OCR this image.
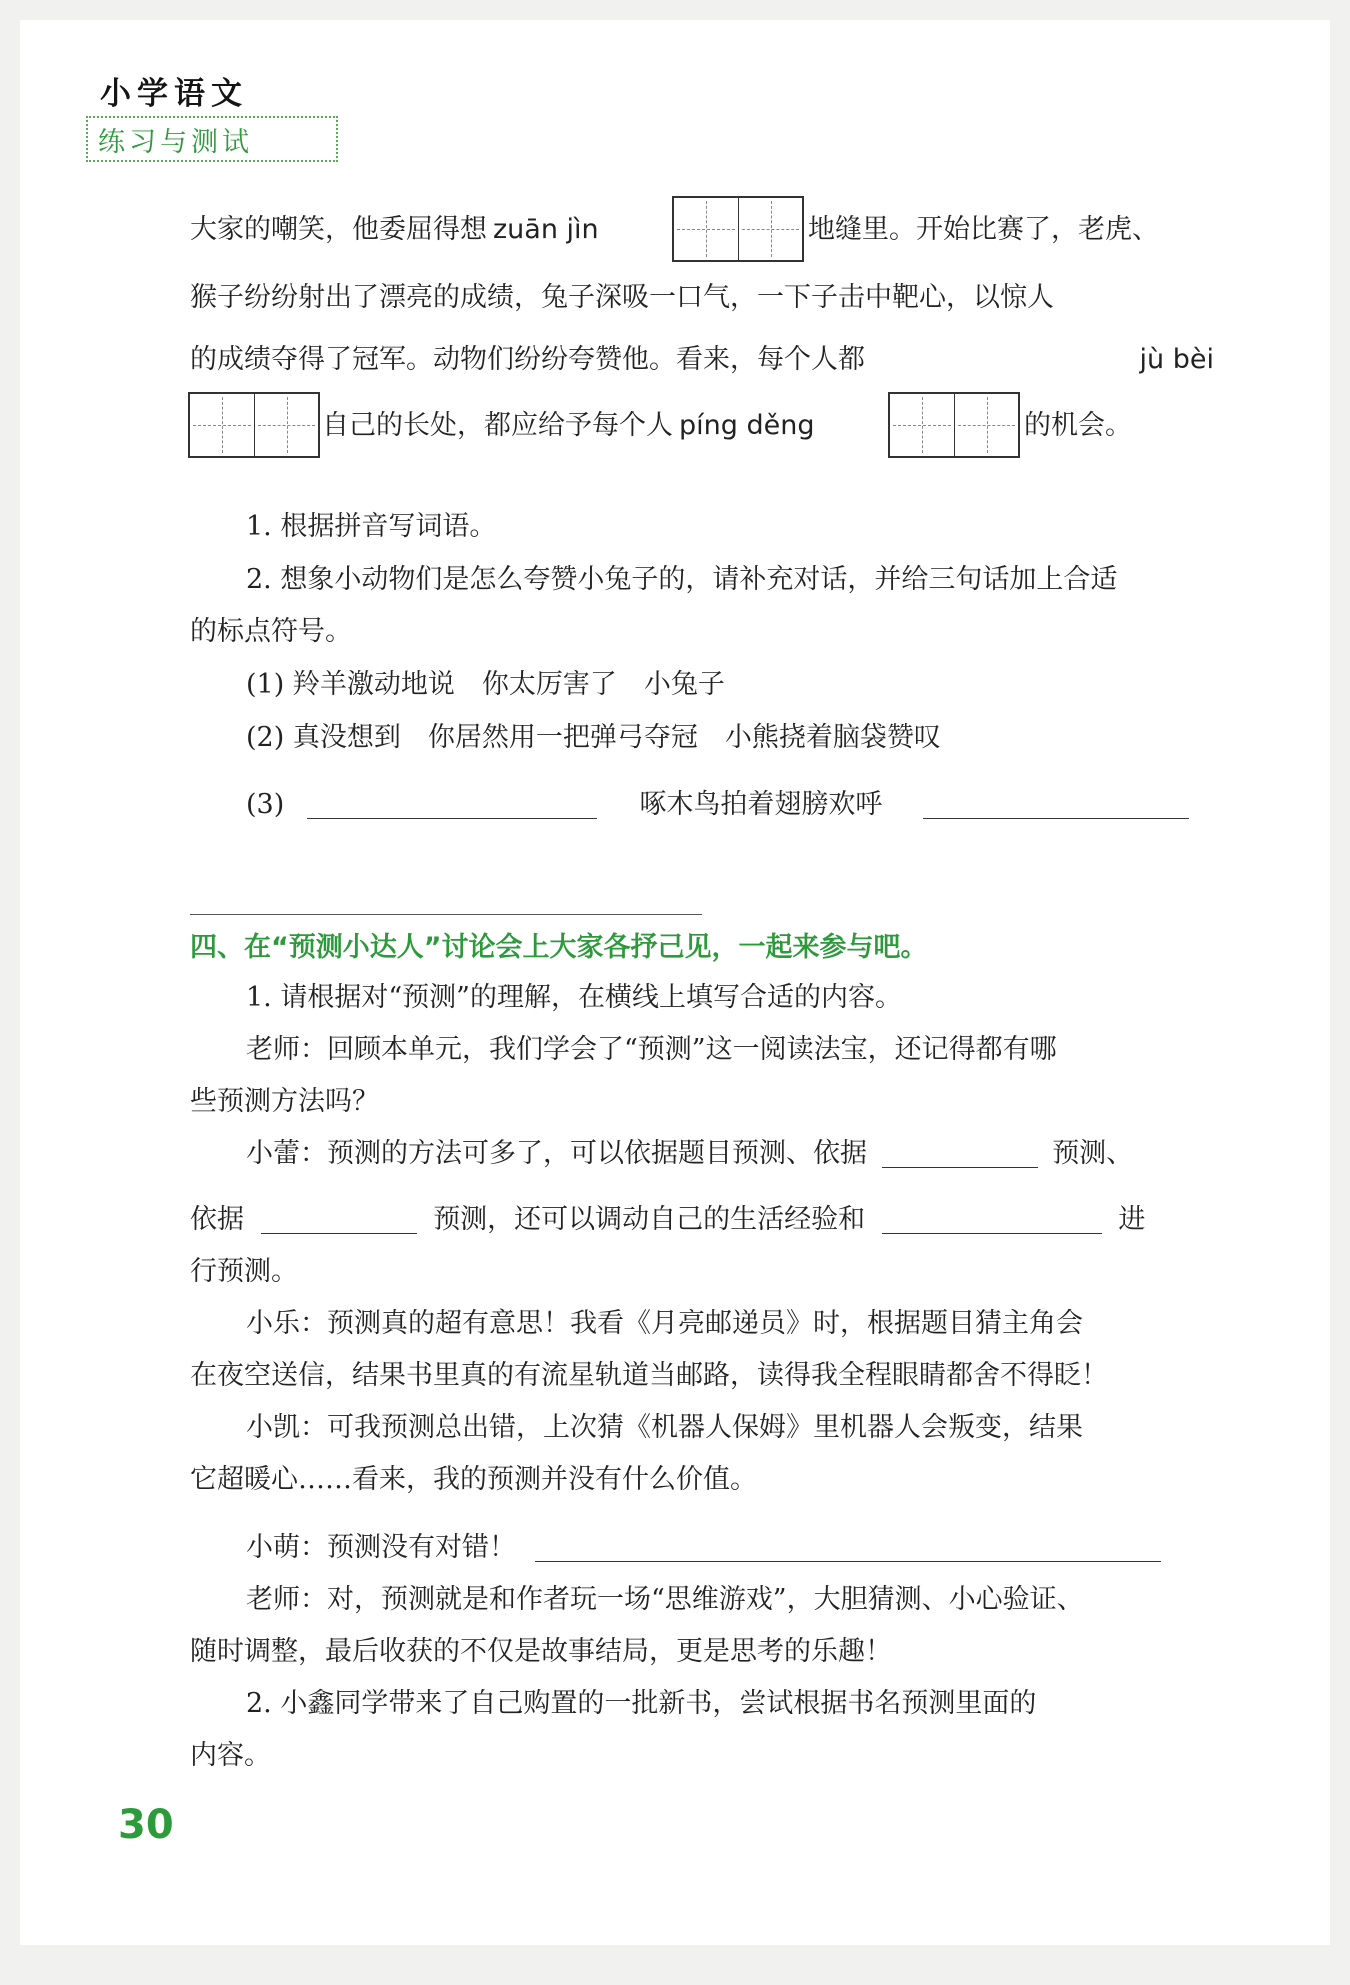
小学语文
练习与测试
大家的嘲笑，他委屈得想 zuān jìn	地缝里。开始比赛了，老虎、
猴子纷纷射出了漂亮的成绩，兔子深吸一口气，一下子击中靶心，以惊人
的成绩夺得了冠军。动物们纷纷夸赞他。看来，每个人都	jù bèi
自己的长处，都应给予每个人 píng děng	的机会。
1. 根据拼音写词语。
2. 想象小动物们是怎么夸赞小兔子的，请补充对话，并给三句话加上合适
的标点符号。
(1) 羚羊激动地说　你太厉害了　小兔子
(2) 真没想到　你居然用一把弹弓夺冠　小熊挠着脑袋赞叹
(3)	啄木鸟拍着翅膀欢呼
四、在“预测小达人”讨论会上大家各抒己见，一起来参与吧。
1. 请根据对“预测”的理解，在横线上填写合适的内容。
老师：回顾本单元，我们学会了“预测”这一阅读法宝，还记得都有哪
些预测方法吗？
小蕾：预测的方法可多了，可以依据题目预测、依据	预测、
依据	预测，还可以调动自己的生活经验和	进
行预测。
小乐：预测真的超有意思！我看《月亮邮递员》时，根据题目猜主角会
在夜空送信，结果书里真的有流星轨道当邮路，读得我全程眼睛都舍不得眨！
小凯：可我预测总出错，上次猜《机器人保姆》里机器人会叛变，结果
它超暖心……看来，我的预测并没有什么价值。
小萌：预测没有对错！
老师：对，预测就是和作者玩一场“思维游戏”，大胆猜测、小心验证、
随时调整，最后收获的不仅是故事结局，更是思考的乐趣！
2. 小鑫同学带来了自己购置的一批新书，尝试根据书名预测里面的
内容。
30
